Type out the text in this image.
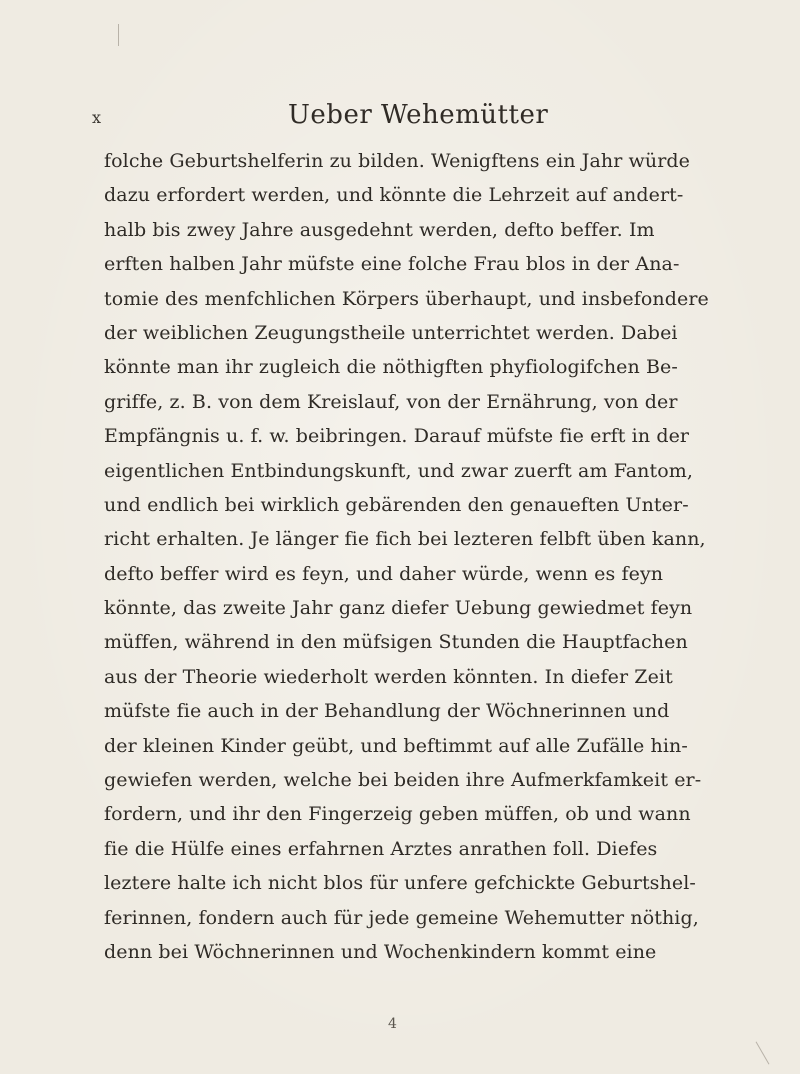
x	Ueber Wehemütter
folche Geburtshelferin zu bilden. Wenigftens ein Jahr würde
dazu erfordert werden, und könnte die Lehrzeit auf andert-
halb bis zwey Jahre ausgedehnt werden, defto beffer. Im
erften halben Jahr müfste eine folche Frau blos in der Ana-
tomie des menfchlichen Körpers überhaupt, und insbefondere
der weiblichen Zeugungstheile unterrichtet werden. Dabei
könnte man ihr zugleich die nöthigften phyfiologifchen Be-
griffe, z. B. von dem Kreislauf, von der Ernährung, von der
Empfängnis u. f. w. beibringen. Darauf müfste fie erft in der
eigentlichen Entbindungskunft, und zwar zuerft am Fantom,
und endlich bei wirklich gebärenden den genaueften Unter-
richt erhalten. Je länger fie fich bei lezteren felbft üben kann,
defto beffer wird es feyn, und daher würde, wenn es feyn
könnte, das zweite Jahr ganz diefer Uebung gewiedmet feyn
müffen, während in den müfsigen Stunden die Hauptfachen
aus der Theorie wiederholt werden könnten. In diefer Zeit
müfste fie auch in der Behandlung der Wöchnerinnen und
der kleinen Kinder geübt, und beftimmt auf alle Zufälle hin-
gewiefen werden, welche bei beiden ihre Aufmerkfamkeit er-
fordern, und ihr den Fingerzeig geben müffen, ob und wann
fie die Hülfe eines erfahrnen Arztes anrathen foll. Diefes
leztere halte ich nicht blos für unfere gefchickte Geburtshel-
ferinnen, fondern auch für jede gemeine Wehemutter nöthig,
denn bei Wöchnerinnen und Wochenkindern kommt eine
4
